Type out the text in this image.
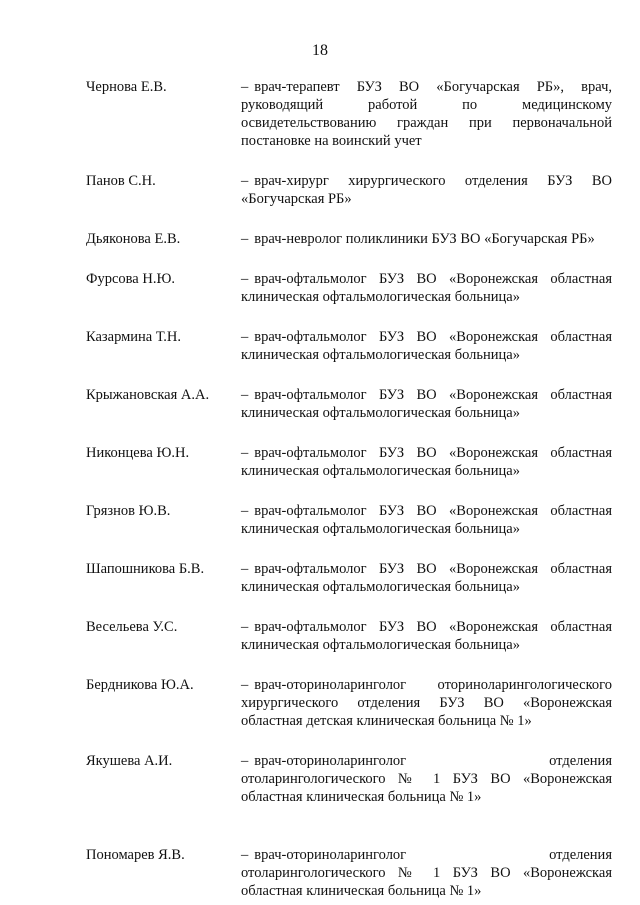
18
Чернова Е.В.	– врач-терапевт БУЗ ВО «Богучарская РБ», врач, руководящий работой по медицинскому освидетельствованию граждан при первоначальной постановке на воинский учет
Панов С.Н.	– врач-хирург хирургического отделения БУЗ ВО «Богучарская РБ»
Дьяконова Е.В.	– врач-невролог поликлиники БУЗ ВО «Богучарская РБ»
Фурсова Н.Ю.	– врач-офтальмолог БУЗ ВО «Воронежская областная клиническая офтальмологическая больница»
Казармина Т.Н.	– врач-офтальмолог БУЗ ВО «Воронежская областная клиническая офтальмологическая больница»
Крыжановская А.А.	– врач-офтальмолог БУЗ ВО «Воронежская областная клиническая офтальмологическая больница»
Никонцева Ю.Н.	– врач-офтальмолог БУЗ ВО «Воронежская областная клиническая офтальмологическая больница»
Грязнов Ю.В.	– врач-офтальмолог БУЗ ВО «Воронежская областная клиническая офтальмологическая больница»
Шапошникова Б.В.	– врач-офтальмолог БУЗ ВО «Воронежская областная клиническая офтальмологическая больница»
Весельева У.С.	– врач-офтальмолог БУЗ ВО «Воронежская областная клиническая офтальмологическая больница»
Бердникова Ю.А.	– врач-оториноларинголог оториноларингологического хирургического отделения БУЗ ВО «Воронежская областная детская клиническая больница № 1»
Якушева А.И.	– врач-оториноларинголог отделения отоларингологического № 1 БУЗ ВО «Воронежская областная клиническая больница № 1»
Пономарев Я.В.	– врач-оториноларинголог отделения отоларингологического № 1 БУЗ ВО «Воронежская областная клиническая больница № 1»
